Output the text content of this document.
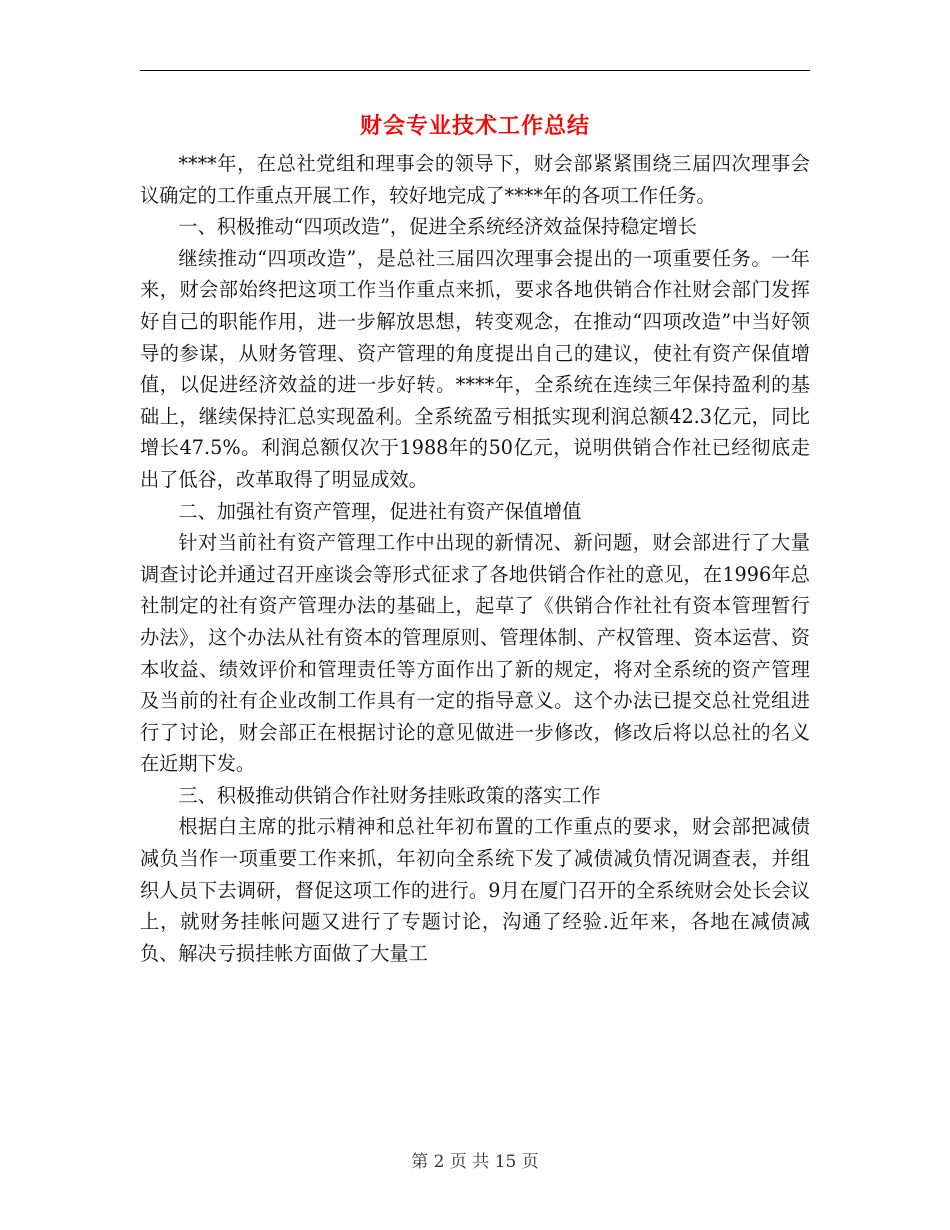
财会专业技术工作总结

****年，在总社党组和理事会的领导下，财会部紧紧围绕三届四次理事会议确定的工作重点开展工作，较好地完成了****年的各项工作任务。

一、积极推动“四项改造”，促进全系统经济效益保持稳定增长

继续推动“四项改造”，是总社三届四次理事会提出的一项重要任务。一年来，财会部始终把这项工作当作重点来抓，要求各地供销合作社财会部门发挥好自己的职能作用，进一步解放思想，转变观念，在推动“四项改造”中当好领导的参谋，从财务管理、资产管理的角度提出自己的建议，使社有资产保值增值，以促进经济效益的进一步好转。****年，全系统在连续三年保持盈利的基础上，继续保持汇总实现盈利。全系统盈亏相抵实现利润总额42.3亿元，同比增长47.5%。利润总额仅次于1988年的50亿元，说明供销合作社已经彻底走出了低谷，改革取得了明显成效。

二、加强社有资产管理，促进社有资产保值增值

针对当前社有资产管理工作中出现的新情况、新问题，财会部进行了大量调查讨论并通过召开座谈会等形式征求了各地供销合作社的意见，在1996年总社制定的社有资产管理办法的基础上，起草了《供销合作社社有资本管理暂行办法》，这个办法从社有资本的管理原则、管理体制、产权管理、资本运营、资本收益、绩效评价和管理责任等方面作出了新的规定，将对全系统的资产管理及当前的社有企业改制工作具有一定的指导意义。这个办法已提交总社党组进行了讨论，财会部正在根据讨论的意见做进一步修改，修改后将以总社的名义在近期下发。

三、积极推动供销合作社财务挂账政策的落实工作

根据白主席的批示精神和总社年初布置的工作重点的要求，财会部把减债减负当作一项重要工作来抓，年初向全系统下发了减债减负情况调查表，并组织人员下去调研，督促这项工作的进行。9月在厦门召开的全系统财会处长会议上，就财务挂帐问题又进行了专题讨论，沟通了经验.近年来，各地在减债减负、解决亏损挂帐方面做了大量工

第 2 页 共 15 页
